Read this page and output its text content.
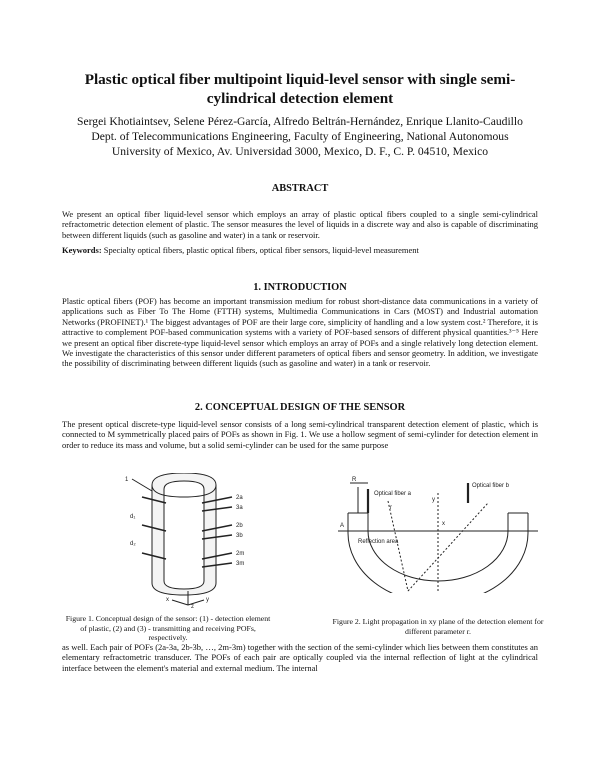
Plastic optical fiber multipoint liquid-level sensor with single semi-
cylindrical detection element
Sergei Khotiaintsev, Selene Pérez-García, Alfredo Beltrán-Hernández, Enrique Llanito-Caudillo
Dept. of Telecommunications Engineering, Faculty of Engineering, National Autonomous
University of Mexico, Av. Universidad 3000, Mexico, D. F., C. P. 04510, Mexico
ABSTRACT
We present an optical fiber liquid-level sensor which employs an array of plastic optical fibers coupled to a single semi-cylindrical refractometric detection element of plastic. The sensor measures the level of liquids in a discrete way and also is capable of discriminating between different liquids (such as gasoline and water) in a tank or reservoir.
Keywords: Specialty optical fibers, plastic optical fibers, optical fiber sensors, liquid-level measurement
1. INTRODUCTION
Plastic optical fibers (POF) has become an important transmission medium for robust short-distance data communications in a variety of applications such as Fiber To The Home (FTTH) systems, Multimedia Communications in Cars (MOST) and Industrial automation Networks (PROFINET).¹ The biggest advantages of POF are their large core, simplicity of handling and a low system cost.² Therefore, it is attractive to complement POF-based communication systems with a variety of POF-based sensors of different physical quantities.³⁻⁵ Here we present an optical fiber discrete-type liquid-level sensor which employs an array of POFs and a single relatively long detection element. We investigate the characteristics of this sensor under different parameters of optical fibers and sensor geometry. In addition, we investigate the possibility of discriminating between different liquids (such as gasoline and water) in a tank or reservoir.
2. CONCEPTUAL DESIGN OF THE SENSOR
The present optical discrete-type liquid-level sensor consists of a long semi-cylindrical transparent detection element of plastic, which is connected to M symmetrically placed pairs of POFs as shown in Fig. 1. We use a hollow segment of semi-cylinder for detection element in order to reduce its mass and volume, but a solid semi-cylinder can be used for the same purpose
1
2a
3a
2b
3b
2m
3m
d₁
d₂
x	y
z
Figure 1. Conceptual design of the sensor: (1) - detection element of plastic, (2) and (3) - transmitting and receiving POFs, respectively.
R
Optical fiber a
Optical fiber b
r
A
Reflection area
x
y
Figure 2. Light propagation in xy plane of the detection element for different parameter r.
as well. Each pair of POFs (2a-3a, 2b-3b, …, 2m-3m) together with the section of the semi-cylinder which lies between them constitutes an elementary refractometric transducer. The POFs of each pair are optically coupled via the internal reflection of light at the cylindrical interface between the element's material and external medium. The internal
